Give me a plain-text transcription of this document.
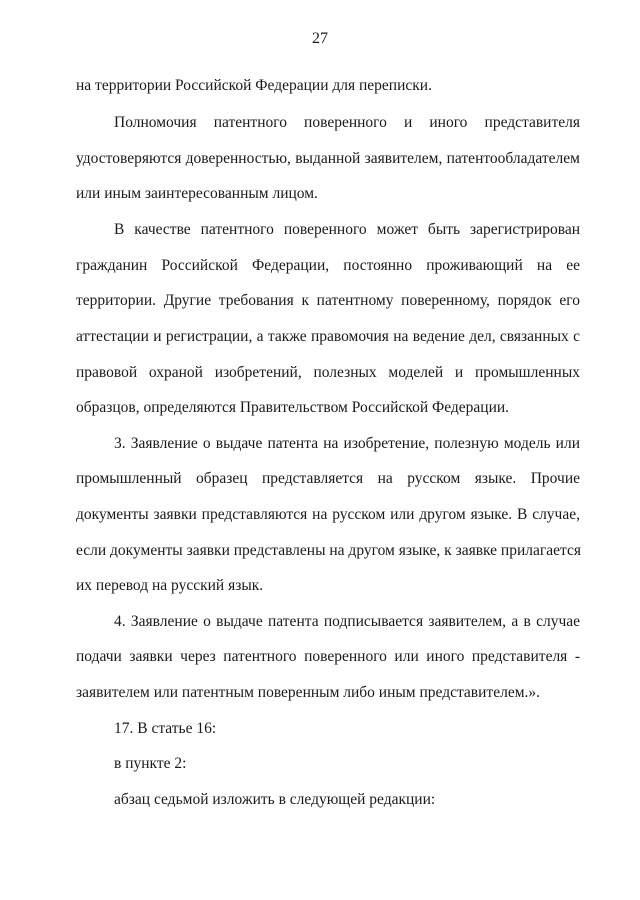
27
на территории Российской Федерации для переписки.
Полномочия патентного поверенного и иного представителя
удостоверяются доверенностью, выданной заявителем, патентообладателем
или иным заинтересованным лицом.
В качестве патентного поверенного может быть зарегистрирован
гражданин Российской Федерации, постоянно проживающий на ее
территории. Другие требования к патентному поверенному, порядок его
аттестации и регистрации, а также правомочия на ведение дел, связанных с
правовой охраной изобретений, полезных моделей и промышленных
образцов, определяются Правительством Российской Федерации.
3. Заявление о выдаче патента на изобретение, полезную модель или
промышленный образец представляется на русском языке. Прочие
документы заявки представляются на русском или другом языке. В случае,
если документы заявки представлены на другом языке, к заявке прилагается
их перевод на русский язык.
4. Заявление о выдаче патента подписывается заявителем, а в случае
подачи заявки через патентного поверенного или иного представителя -
заявителем или патентным поверенным либо иным представителем.».
17. В статье 16:
в пункте 2:
абзац седьмой изложить в следующей редакции:
